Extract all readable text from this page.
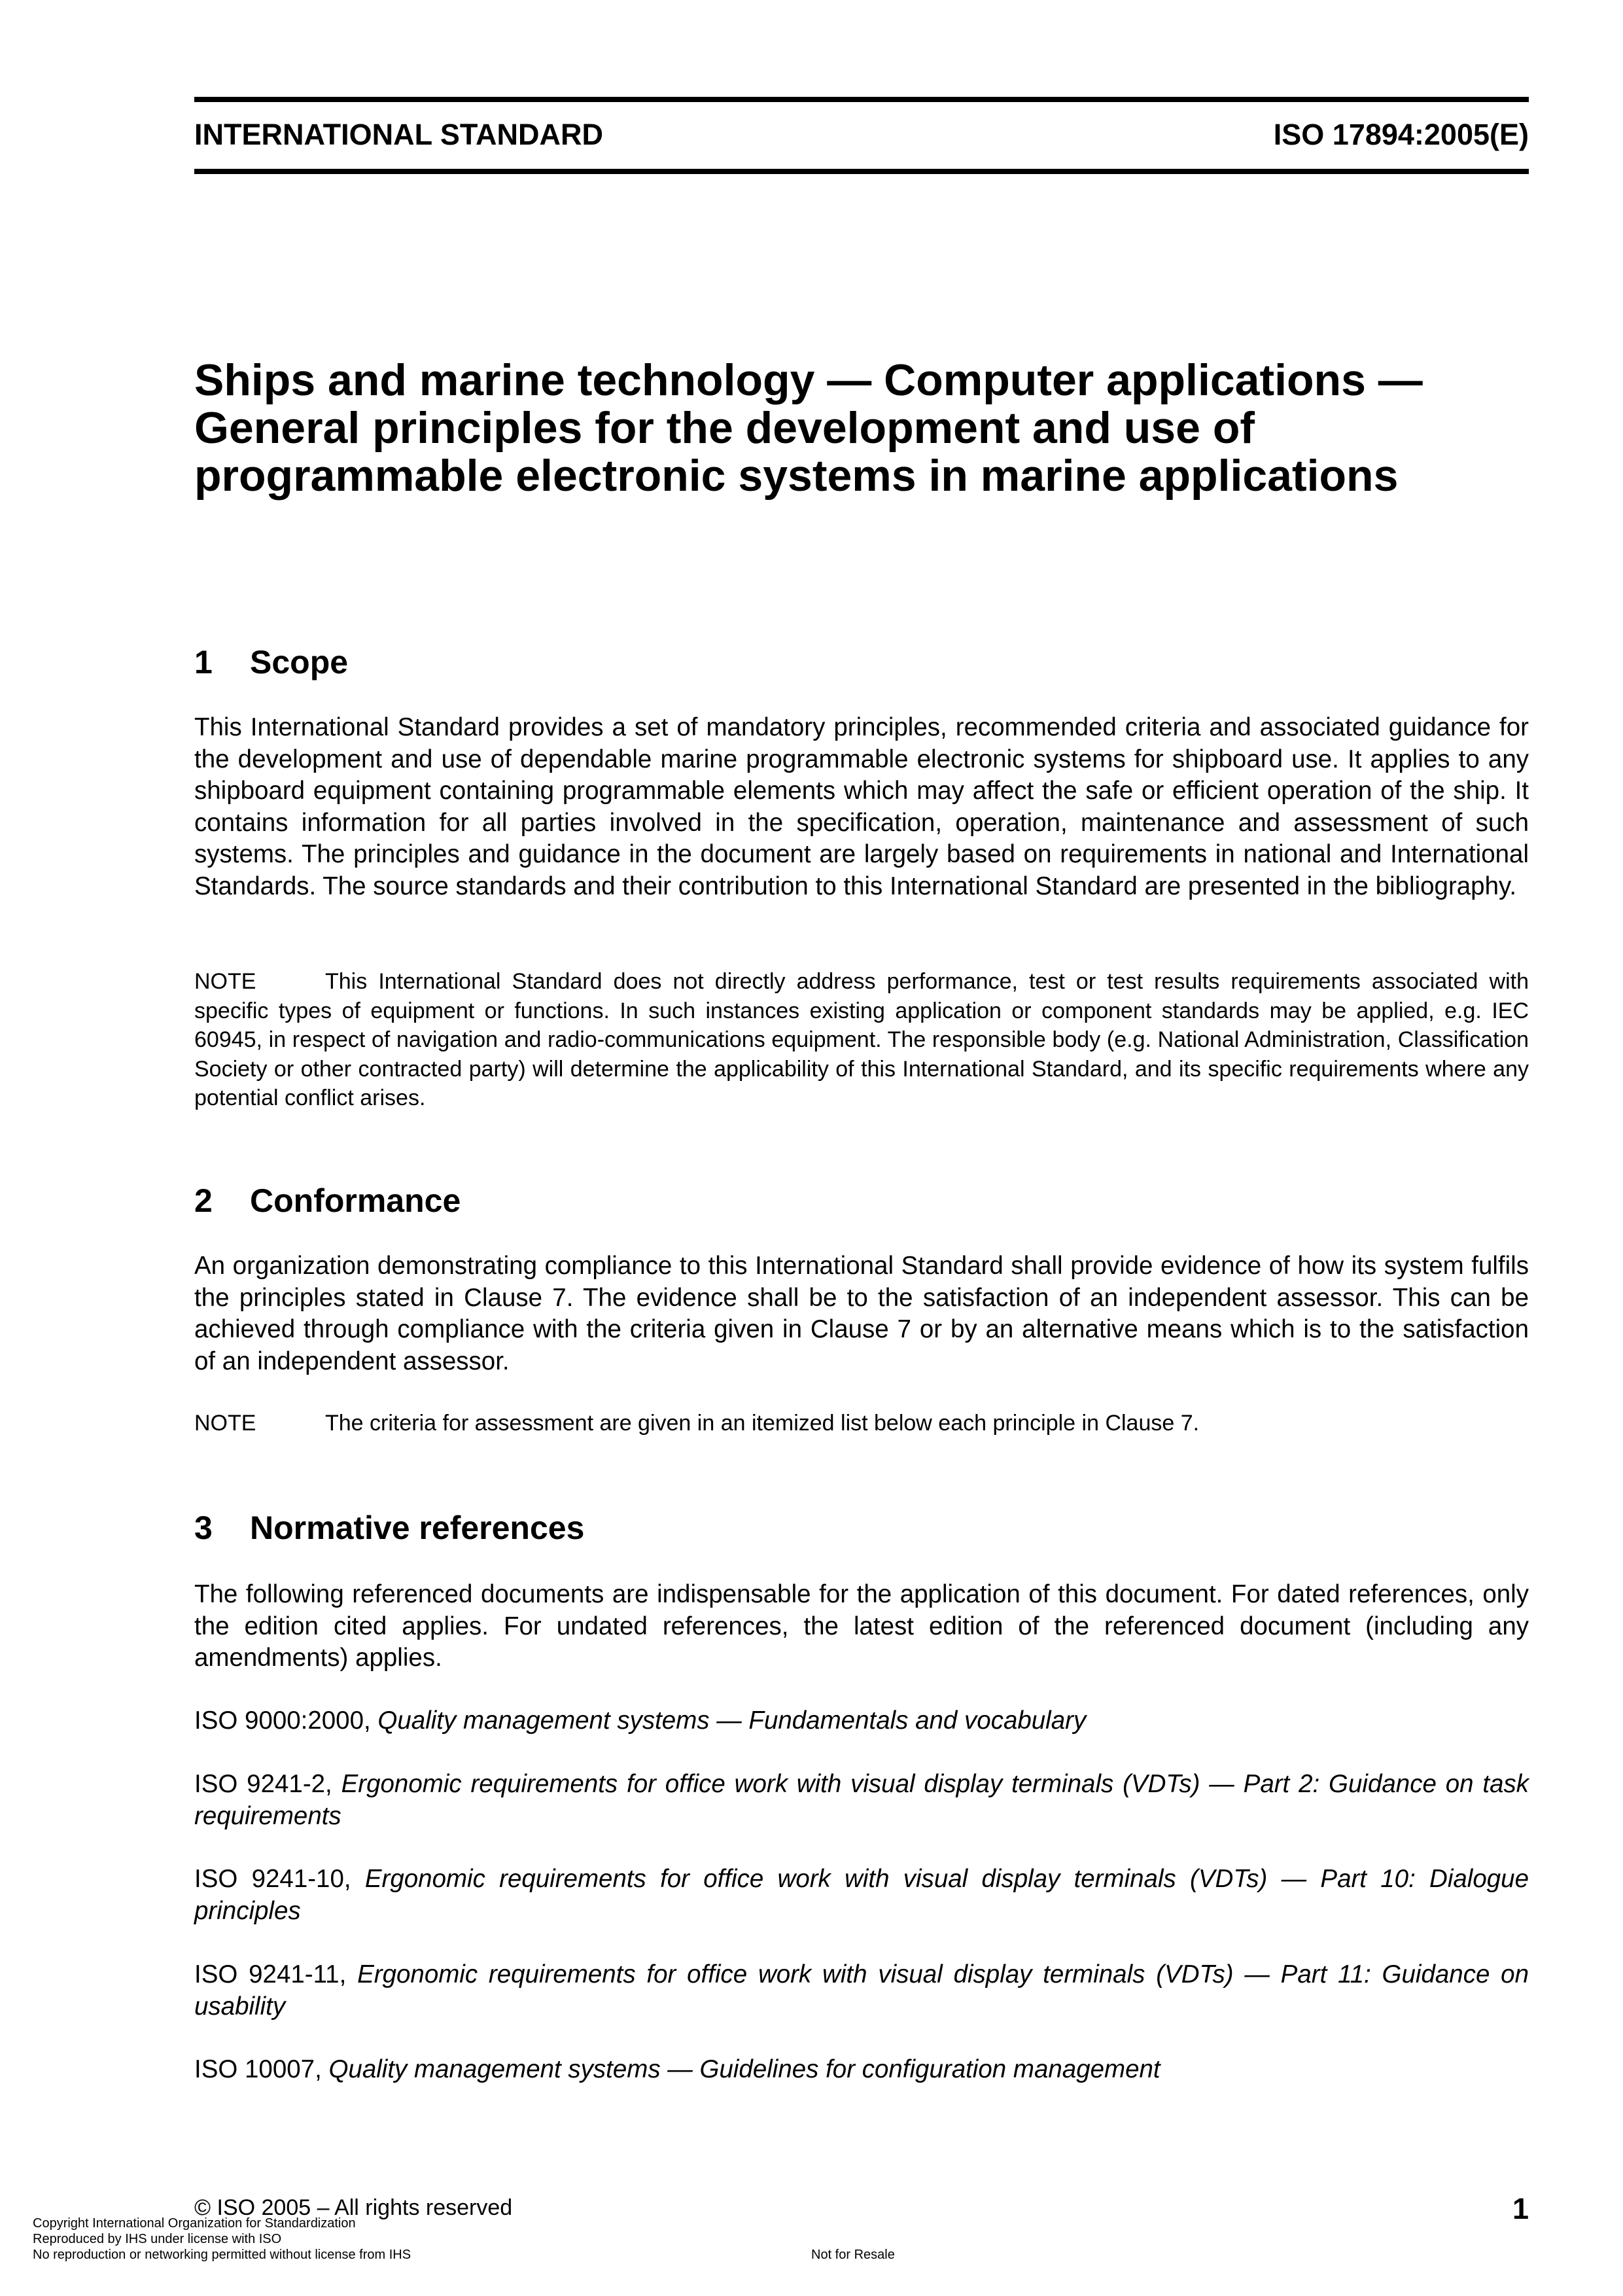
INTERNATIONAL STANDARD	ISO 17894:2005(E)
Ships and marine technology — Computer applications —
General principles for the development and use of
programmable electronic systems in marine applications
1 Scope

This International Standard provides a set of mandatory principles, recommended criteria and associated guidance for the development and use of dependable marine programmable electronic systems for shipboard use. It applies to any shipboard equipment containing programmable elements which may affect the safe or efficient operation of the ship. It contains information for all parties involved in the specification, operation, maintenance and assessment of such systems. The principles and guidance in the document are largely based on requirements in national and International Standards. The source standards and their contribution to this International Standard are presented in the bibliography.

NOTE	This International Standard does not directly address performance, test or test results requirements associated with specific types of equipment or functions. In such instances existing application or component standards may be applied, e.g. IEC 60945, in respect of navigation and radio-communications equipment. The responsible body (e.g. National Administration, Classification Society or other contracted party) will determine the applicability of this International Standard, and its specific requirements where any potential conflict arises.

2 Conformance

An organization demonstrating compliance to this International Standard shall provide evidence of how its system fulfils the principles stated in Clause 7. The evidence shall be to the satisfaction of an independent assessor. This can be achieved through compliance with the criteria given in Clause 7 or by an alternative means which is to the satisfaction of an independent assessor.

NOTE	The criteria for assessment are given in an itemized list below each principle in Clause 7.

3 Normative references

The following referenced documents are indispensable for the application of this document. For dated references, only the edition cited applies. For undated references, the latest edition of the referenced document (including any amendments) applies.

ISO 9000:2000, Quality management systems — Fundamentals and vocabulary

ISO 9241-2, Ergonomic requirements for office work with visual display terminals (VDTs) — Part 2: Guidance on task requirements

ISO 9241-10, Ergonomic requirements for office work with visual display terminals (VDTs) — Part 10: Dialogue principles

ISO 9241-11, Ergonomic requirements for office work with visual display terminals (VDTs) — Part 11: Guidance on usability

ISO 10007, Quality management systems — Guidelines for configuration management

© ISO 2005 – All rights reserved	1
Copyright International Organization for Standardization
Reproduced by IHS under license with ISO
No reproduction or networking permitted without license from IHS	Not for Resale
